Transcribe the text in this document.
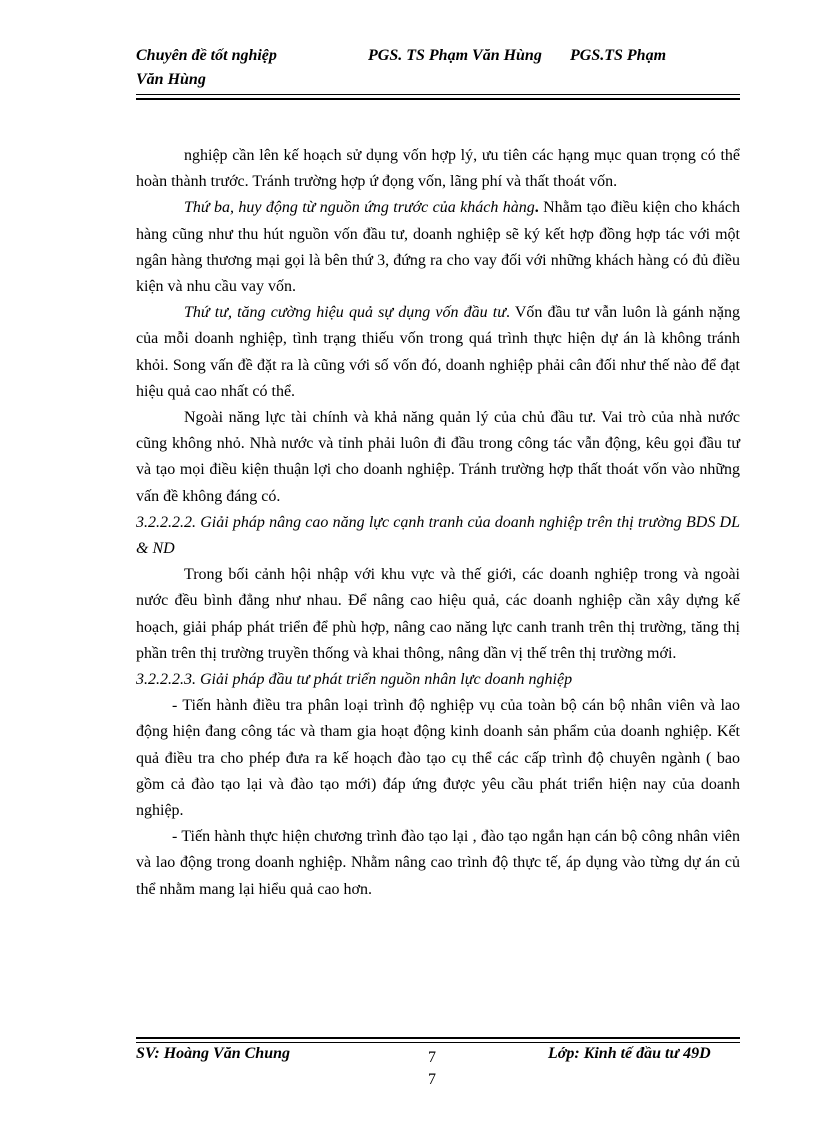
Chuyên đề tốt nghiệp	PGS. TS Phạm Văn Hùng PGS.TS Phạm
Văn Hùng

nghiệp cần lên kế hoạch sử dụng vốn hợp lý, ưu tiên các hạng mục quan trọng có thể hoàn thành trước. Tránh trường hợp ứ đọng vốn, lãng phí và thất thoát vốn.

Thứ ba, huy động từ nguồn ứng trước của khách hàng. Nhằm tạo điều kiện cho khách hàng cũng như thu hút nguồn vốn đầu tư, doanh nghiệp sẽ ký kết hợp đồng hợp tác với một ngân hàng thương mại gọi là bên thứ 3, đứng ra cho vay đối với những khách hàng có đủ điều kiện và nhu cầu vay vốn.

Thứ tư, tăng cường hiệu quả sự dụng vốn đầu tư. Vốn đầu tư vẫn luôn là gánh nặng của mỗi doanh nghiệp, tình trạng thiếu vốn trong quá trình thực hiện dự án là không tránh khỏi. Song vấn đề đặt ra là cũng với số vốn đó, doanh nghiệp phải cân đối như thế nào để đạt hiệu quả cao nhất có thể.

Ngoài năng lực tài chính và khả năng quản lý của chủ đầu tư. Vai trò của nhà nước cũng không nhỏ. Nhà nước và tỉnh phải luôn đi đầu trong công tác vẫn động, kêu gọi đầu tư và tạo mọi điều kiện thuận lợi cho doanh nghiệp. Tránh trường hợp thất thoát vốn vào những vấn đề không đáng có.

3.2.2.2.2. Giải pháp nâng cao năng lực cạnh tranh của doanh nghiệp trên thị trường BDS DL & ND

Trong bối cảnh hội nhập với khu vực và thế giới, các doanh nghiệp trong và ngoài nước đều bình đẳng như nhau. Để nâng cao hiệu quả, các doanh nghiệp cần xây dựng kế hoạch, giải pháp phát triển để phù hợp, nâng cao năng lực canh tranh trên thị trường, tăng thị phần trên thị trường truyền thống và khai thông, nâng dần vị thế trên thị trường mới.

3.2.2.2.3. Giải pháp đầu tư phát triển nguồn nhân lực doanh nghiệp

- Tiến hành điều tra phân loại trình độ nghiệp vụ của toàn bộ cán bộ nhân viên và lao động hiện đang công tác và tham gia hoạt động kinh doanh sản phẩm của doanh nghiệp. Kết quả điều tra cho phép đưa ra kế hoạch đào tạo cụ thể các cấp trình độ chuyên ngành ( bao gồm cả đào tạo lại và đào tạo mới) đáp ứng được yêu cầu phát triển hiện nay của doanh nghiệp.

- Tiến hành thực hiện chương trình đào tạo lại , đào tạo ngắn hạn cán bộ công nhân viên và lao động trong doanh nghiệp. Nhằm nâng cao trình độ thực tế, áp dụng vào từng dự án củ thể nhằm mang lại hiểu quả cao hơn.

SV: Hoàng Văn Chung	7
7
Lớp: Kinh tế đầu tư 49D
